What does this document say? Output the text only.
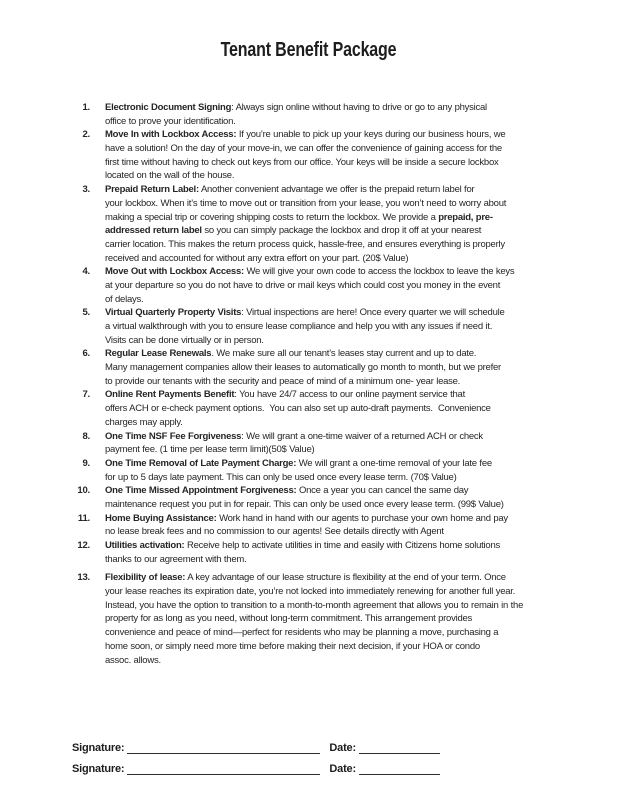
Tenant Benefit Package
1. Electronic Document Signing: Always sign online without having to drive or go to any physical
office to prove your identification.
2. Move In with Lockbox Access: If you’re unable to pick up your keys during our business hours, we
have a solution! On the day of your move-in, we can offer the convenience of gaining access for the
first time without having to check out keys from our office. Your keys will be inside a secure lockbox
located on the wall of the house.
3. Prepaid Return Label: Another convenient advantage we offer is the prepaid return label for
your lockbox. When it’s time to move out or transition from your lease, you won’t need to worry about
making a special trip or covering shipping costs to return the lockbox. We provide a prepaid, pre-
addressed return label so you can simply package the lockbox and drop it off at your nearest
carrier location. This makes the return process quick, hassle-free, and ensures everything is properly
received and accounted for without any extra effort on your part. (20$ Value)
4. Move Out with Lockbox Access: We will give your own code to access the lockbox to leave the keys
at your departure so you do not have to drive or mail keys which could cost you money in the event
of delays.
5. Virtual Quarterly Property Visits: Virtual inspections are here! Once every quarter we will schedule
a virtual walkthrough with you to ensure lease compliance and help you with any issues if need it.
Visits can be done virtually or in person.
6. Regular Lease Renewals. We make sure all our tenant’s leases stay current and up to date.
Many management companies allow their leases to automatically go month to month, but we prefer
to provide our tenants with the security and peace of mind of a minimum one- year lease.
7. Online Rent Payments Benefit: You have 24/7 access to our online payment service that
offers ACH or e-check payment options.  You can also set up auto-draft payments.  Convenience
charges may apply.
8. One Time NSF Fee Forgiveness: We will grant a one-time waiver of a returned ACH or check
payment fee. (1 time per lease term limit)(50$ Value)
9. One Time Removal of Late Payment Charge: We will grant a one-time removal of your late fee
for up to 5 days late payment. This can only be used once every lease term. (70$ Value)
10. One Time Missed Appointment Forgiveness: Once a year you can cancel the same day
maintenance request you put in for repair. This can only be used once every lease term. (99$ Value)
11. Home Buying Assistance: Work hand in hand with our agents to purchase your own home and pay
no lease break fees and no commission to our agents! See details directly with Agent
12. Utilities activation: Receive help to activate utilities in time and easily with Citizens home solutions
thanks to our agreement with them.
13. Flexibility of lease: A key advantage of our lease structure is flexibility at the end of your term. Once
your lease reaches its expiration date, you’re not locked into immediately renewing for another full year.
Instead, you have the option to transition to a month-to-month agreement that allows you to remain in the
property for as long as you need, without long-term commitment. This arrangement provides
convenience and peace of mind—perfect for residents who may be planning a move, purchasing a
home soon, or simply need more time before making their next decision, if your HOA or condo
assoc. allows.
Signature:	Date:
Signature:	Date:
